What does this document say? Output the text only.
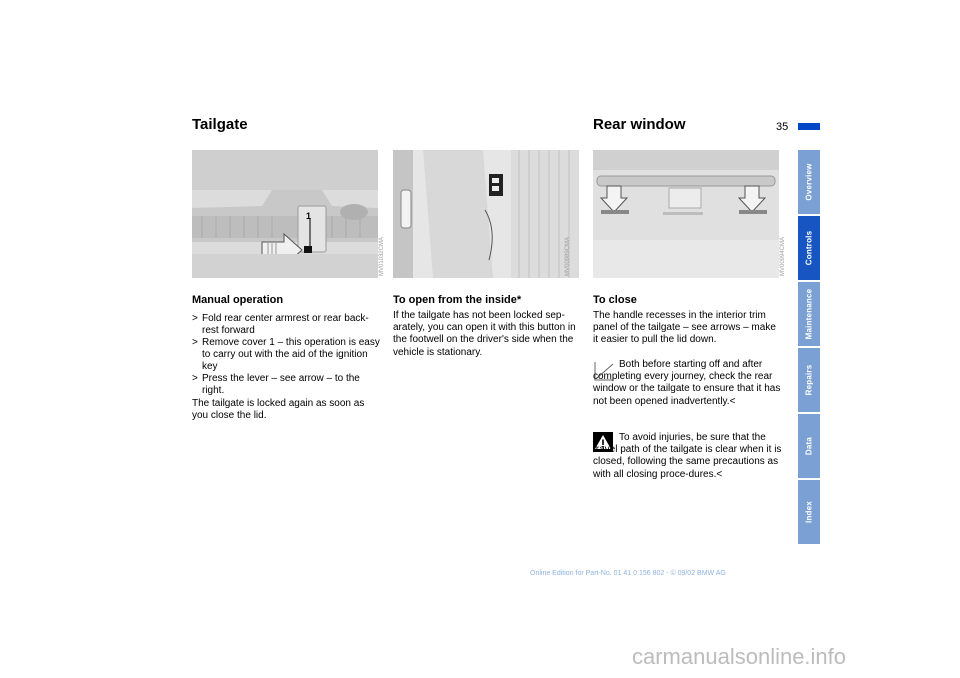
Tailgate	Rear window	35
Overview
Controls
Maintenance
Repairs
Data
Index
1
MV01032CMA	MV00989CMA	MV00994CMA
Manual operation
> Fold rear center armrest or rear back-rest forward
> Remove cover 1 – this operation is easy to carry out with the aid of the ignition key
> Press the lever – see arrow – to the right.
The tailgate is locked again as soon as you close the lid.
To open from the inside*
If the tailgate has not been locked sep-arately, you can open it with this button in the footwell on the driver's side when the vehicle is stationary.
To close
The handle recesses in the interior trim panel of the tailgate – see arrows – make it easier to pull the lid down.
Both before starting off and after completing every journey, check the rear window or the tailgate to ensure that it has not been opened inadvertently.<
To avoid injuries, be sure that the travel path of the tailgate is clear when it is closed, following the same precautions as with all closing proce-dures.<
Online Edition for Part-No. 01 41 0 156 802 - © 09/02 BMW AG
carmanualsonline.info
